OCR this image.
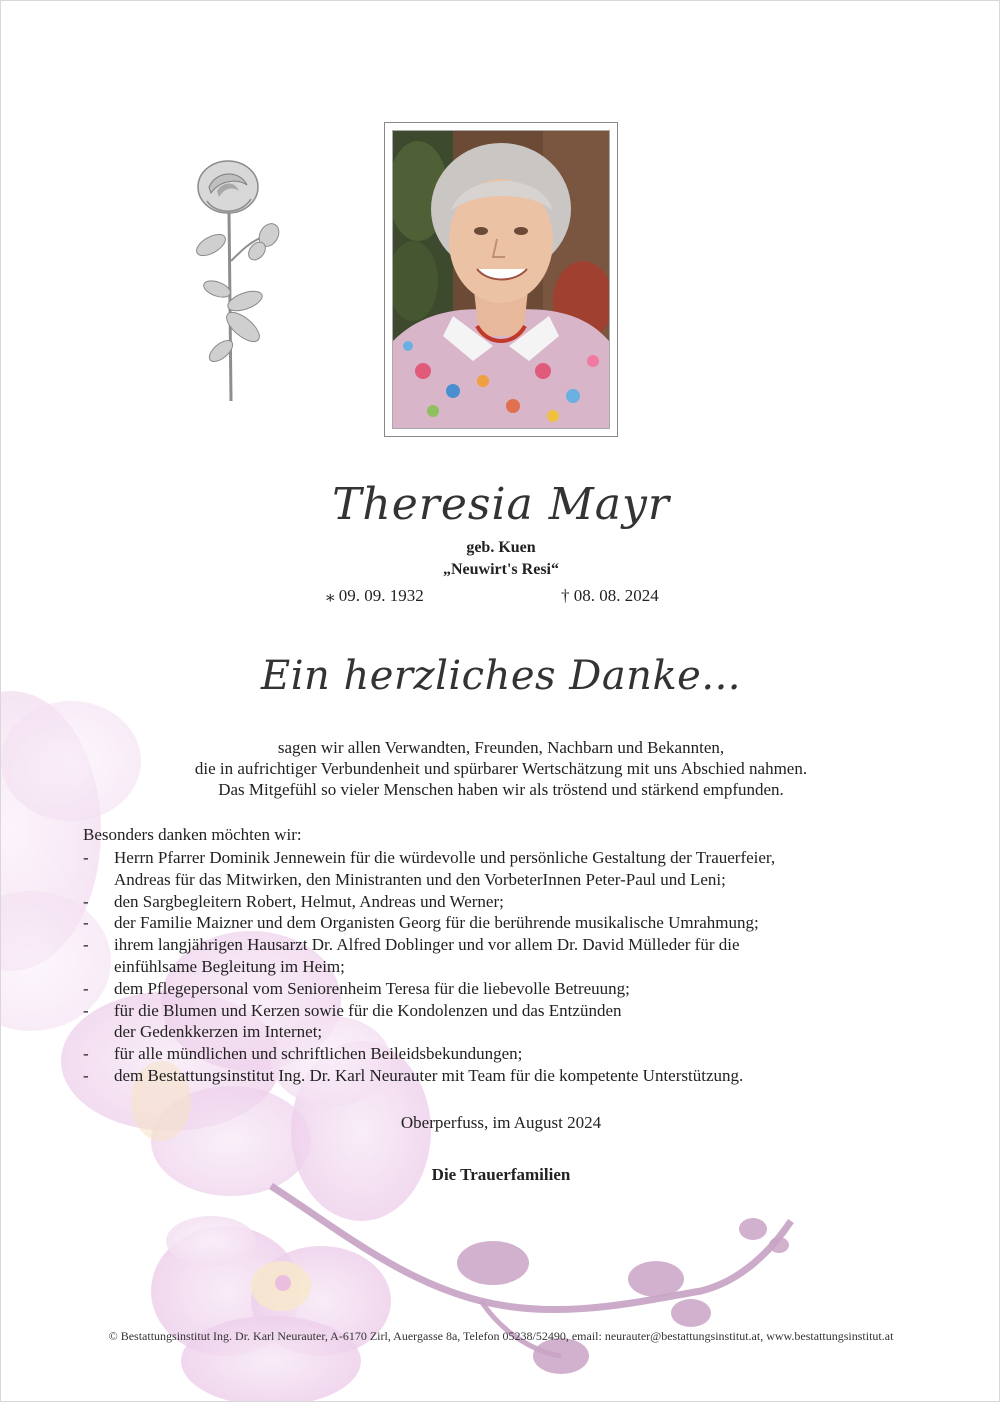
Theresia Mayr
geb. Kuen
„Neuwirt's Resi“
⁎ 09. 09. 1932	† 08. 08. 2024
Ein herzliches Danke...
sagen wir allen Verwandten, Freunden, Nachbarn und Bekannten,
die in aufrichtiger Verbundenheit und spürbarer Wertschätzung mit uns Abschied nahmen.
Das Mitgefühl so vieler Menschen haben wir als tröstend und stärkend empfunden.
Besonders danken möchten wir:
-	Herrn Pfarrer Dominik Jennewein für die würdevolle und persönliche Gestaltung der Trauerfeier,
Andreas für das Mitwirken, den Ministranten und den VorbeterInnen Peter-Paul und Leni;
-	den Sargbegleitern Robert, Helmut, Andreas und Werner;
-	der Familie Maizner und dem Organisten Georg für die berührende musikalische Umrahmung;
-	ihrem langjährigen Hausarzt Dr. Alfred Doblinger und vor allem Dr. David Mülleder für die
einfühlsame Begleitung im Heim;
-	dem Pflegepersonal vom Seniorenheim Teresa für die liebevolle Betreuung;
-	für die Blumen und Kerzen sowie für die Kondolenzen und das Entzünden
der Gedenkkerzen im Internet;
-	für alle mündlichen und schriftlichen Beileidsbekundungen;
-	dem Bestattungsinstitut Ing. Dr. Karl Neurauter mit Team für die kompetente Unterstützung.
Oberperfuss, im August 2024
Die Trauerfamilien
© Bestattungsinstitut Ing. Dr. Karl Neurauter, A-6170 Zirl, Auergasse 8a, Telefon 05238/52490, email: neurauter@bestattungsinstitut.at, www.bestattungsinstitut.at
